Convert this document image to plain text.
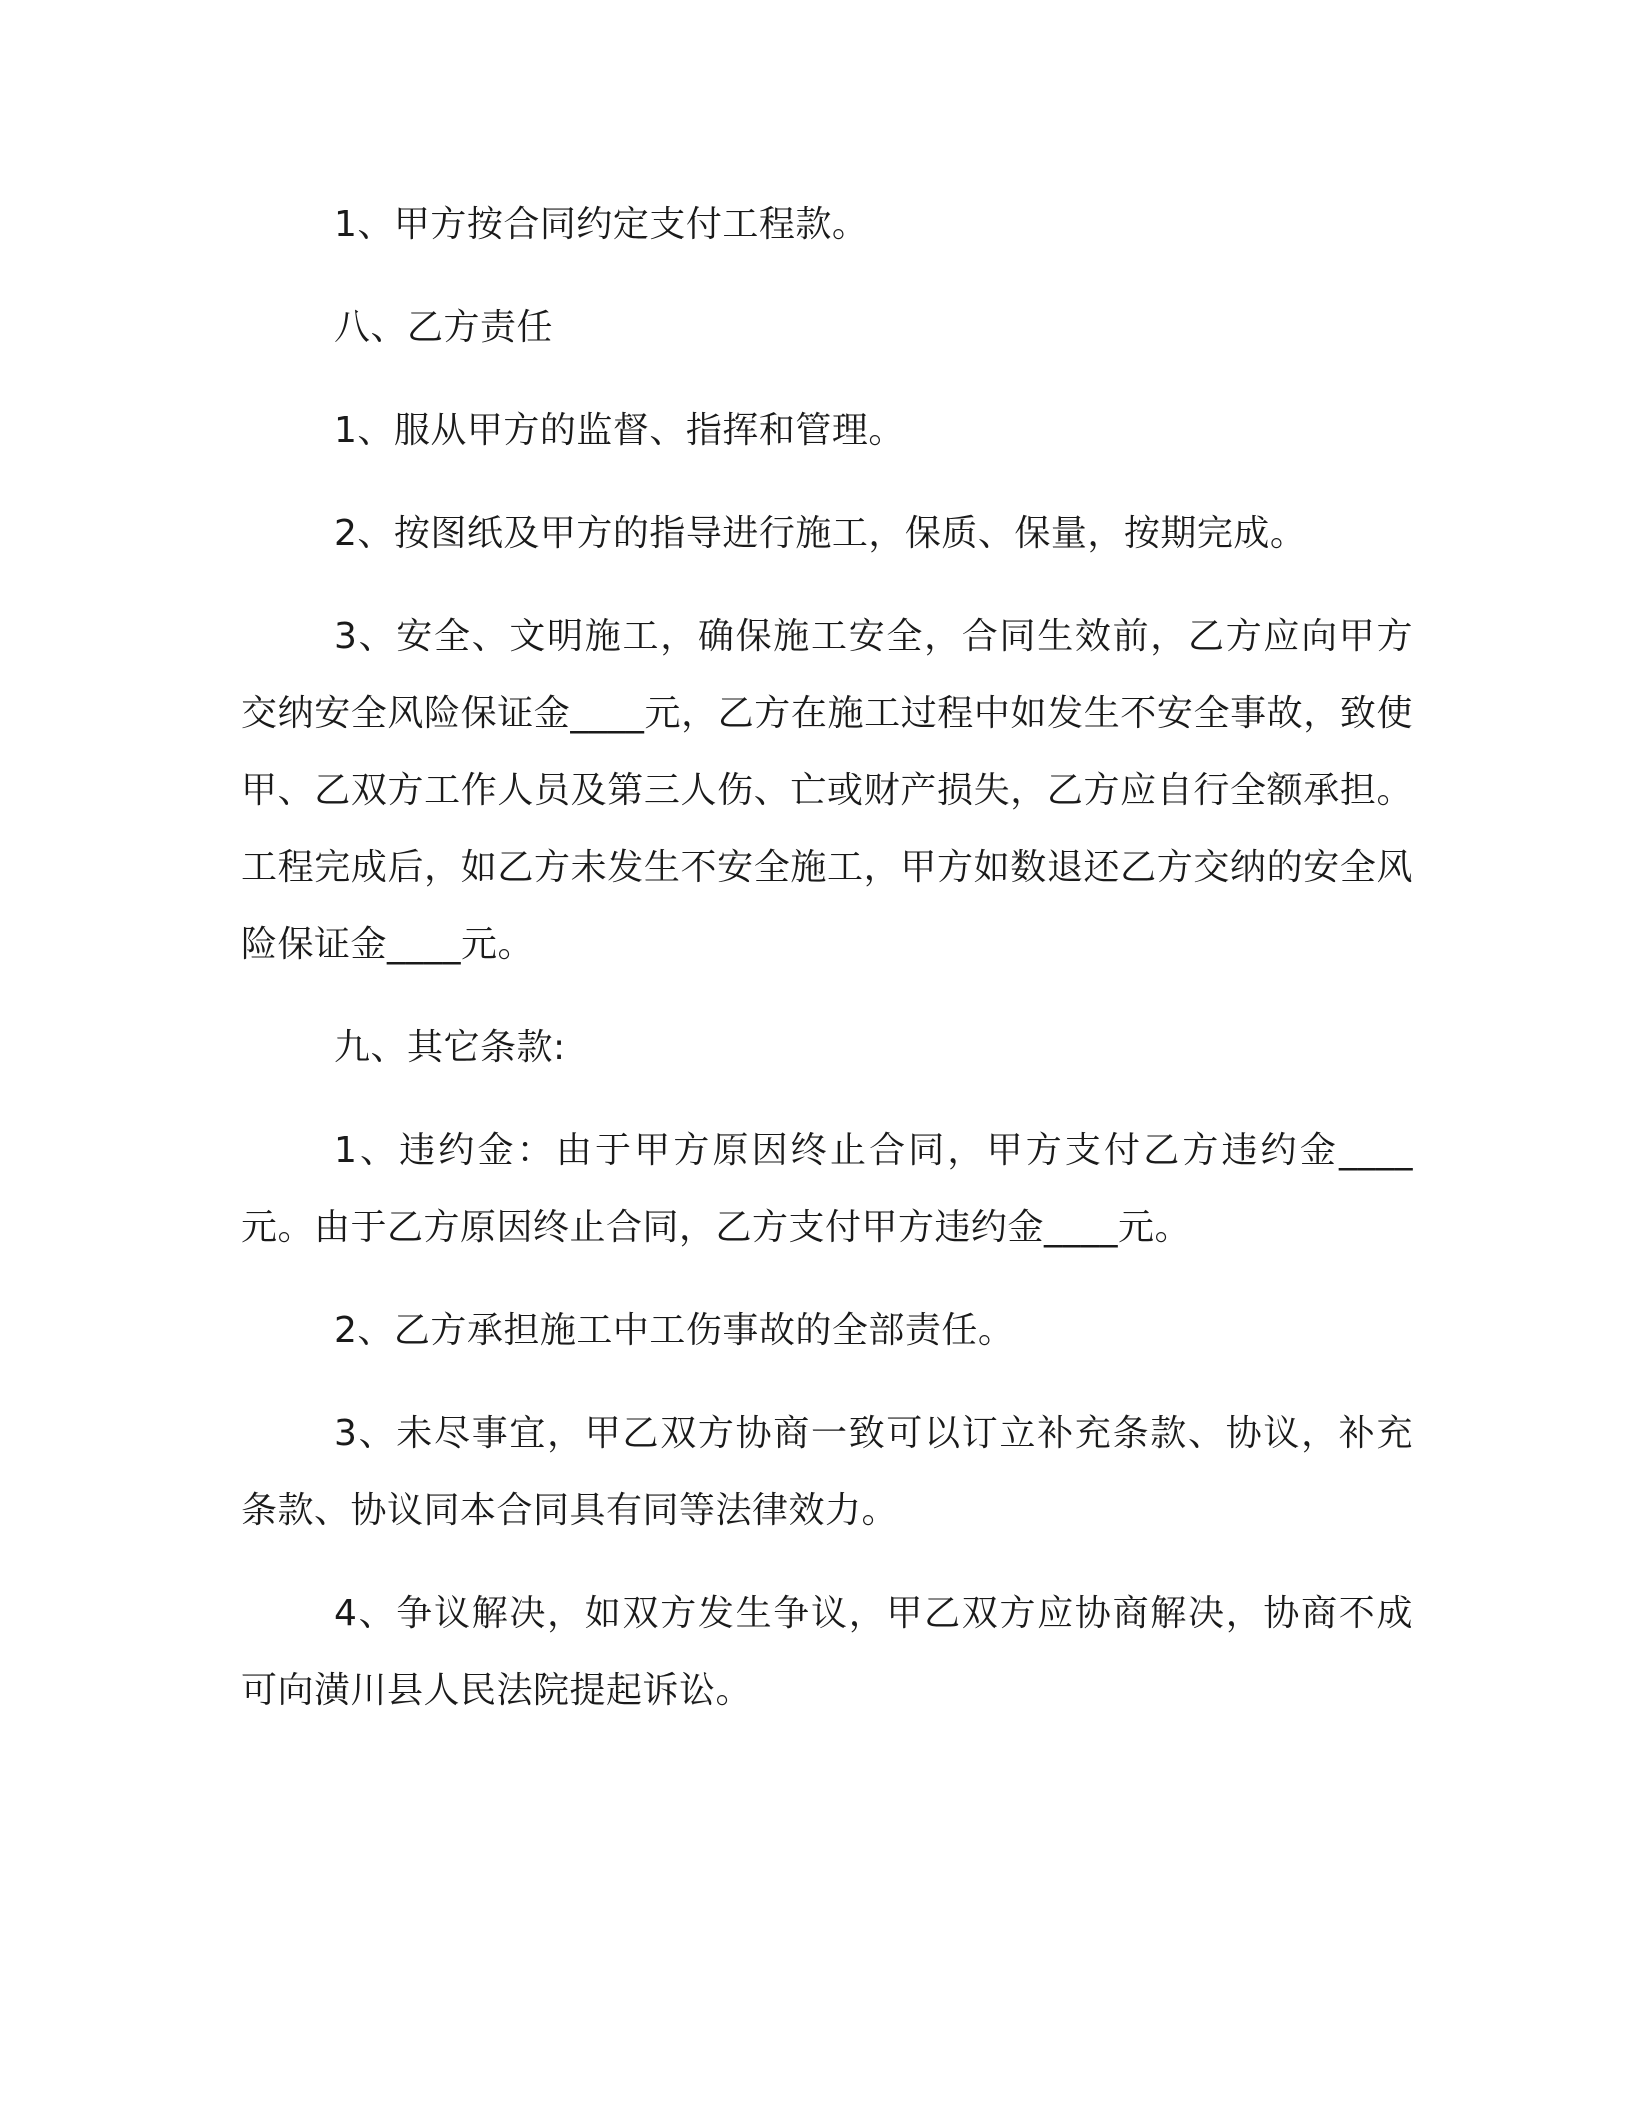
1、甲方按合同约定支付工程款。

八、乙方责任

1、服从甲方的监督、指挥和管理。

2、按图纸及甲方的指导进行施工，保质、保量，按期完成。

3、安全、文明施工，确保施工安全，合同生效前，乙方应向甲方交纳安全风险保证金____元，乙方在施工过程中如发生不安全事故，致使甲、乙双方工作人员及第三人伤、亡或财产损失，乙方应自行全额承担。工程完成后，如乙方未发生不安全施工，甲方如数退还乙方交纳的安全风险保证金____元。

九、其它条款:

1、违约金：由于甲方原因终止合同，甲方支付乙方违约金____元。由于乙方原因终止合同，乙方支付甲方违约金____元。

2、乙方承担施工中工伤事故的全部责任。

3、未尽事宜，甲乙双方协商一致可以订立补充条款、协议，补充条款、协议同本合同具有同等法律效力。

4、争议解决，如双方发生争议，甲乙双方应协商解决，协商不成可向潢川县人民法院提起诉讼。
